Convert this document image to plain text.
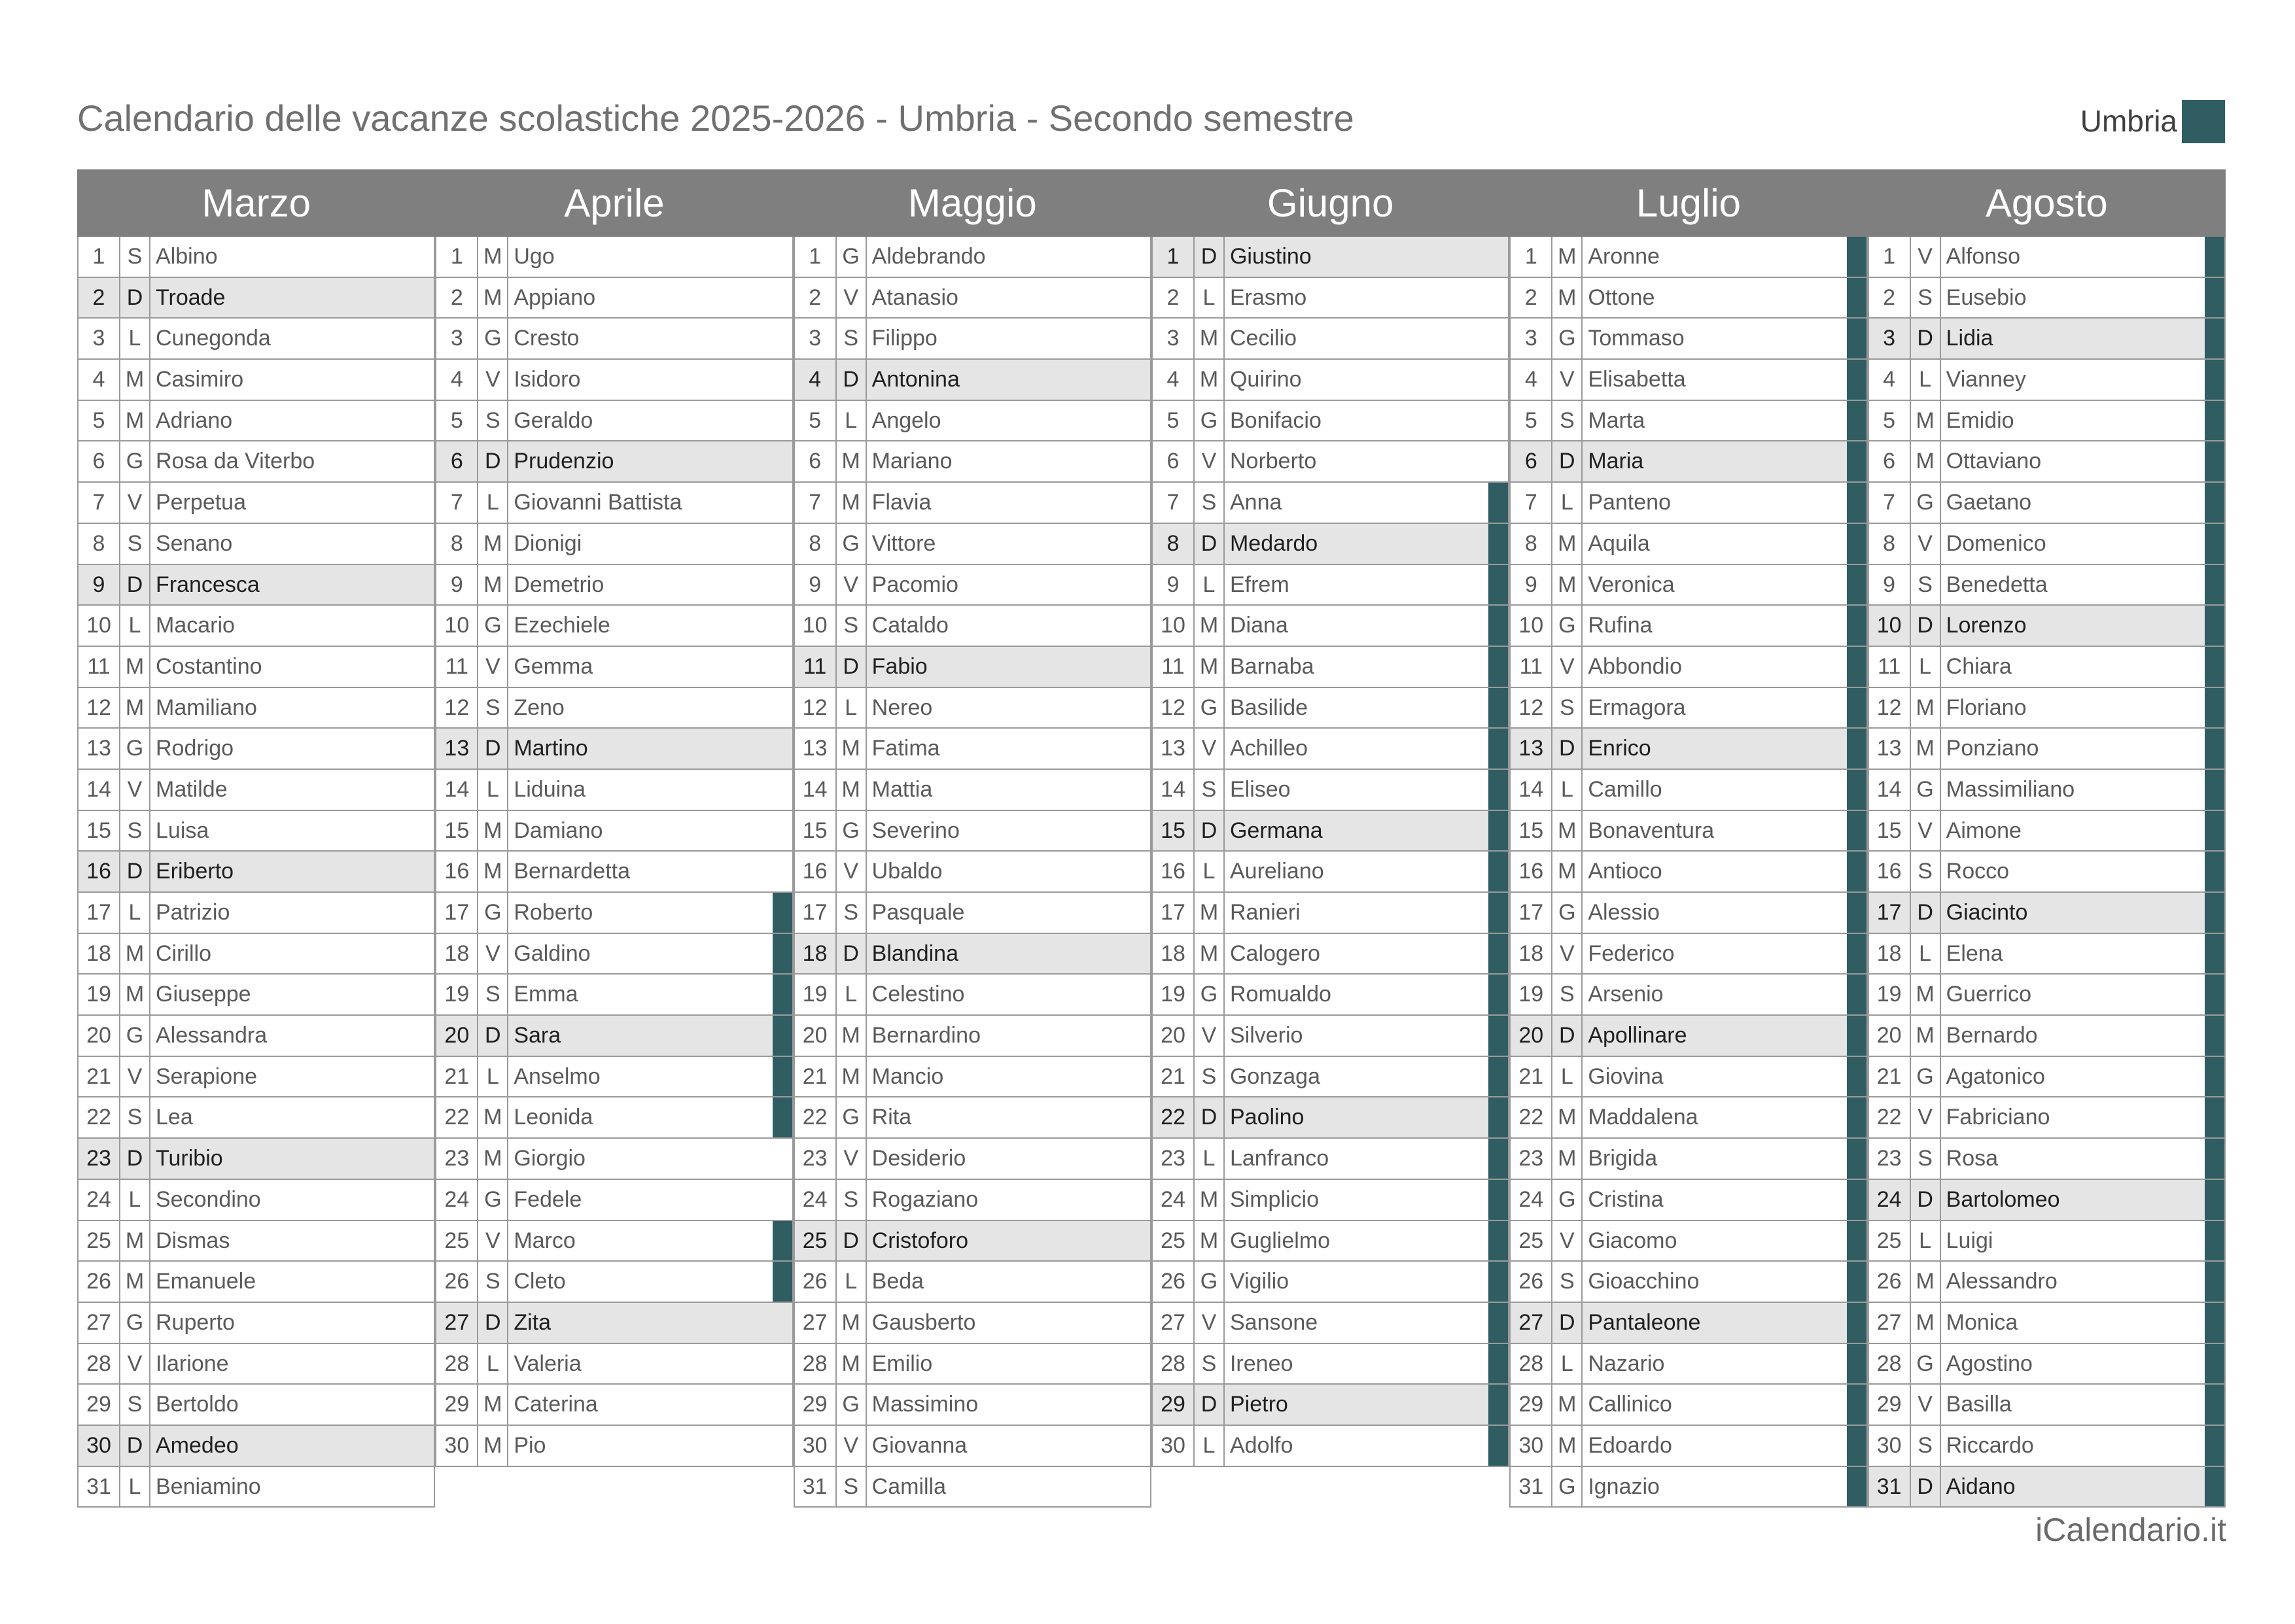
Calendario delle vacanze scolastiche 2025-2026 - Umbria - Secondo semestre	Umbria
Marzo	Aprile	Maggio	Giugno	Luglio	Agosto
1	S Albino
2 D Troade
3	L Cunegonda
4 M Casimiro
5 M Adriano
6 G Rosa da Viterbo
7	V Perpetua
8	S Senano
9 D Francesca
10 L Macario
11 M Costantino
12 M Mamiliano
13 G Rodrigo
14 V Matilde
15 S Luisa
16 D Eriberto
17 L Patrizio
18 M Cirillo
19 M Giuseppe
20 G Alessandra
21 V Serapione
22 S Lea
23 D Turibio
24 L Secondino
25 M Dismas
26 M Emanuele
27 G Ruperto
28 V Ilarione
29 S Bertoldo
30 D Amedeo
31 L Beniamino
1 M Ugo
2 M Appiano
3 G Cresto
4	V Isidoro
5	S Geraldo
6 D Prudenzio
7	L Giovanni Battista
8 M Dionigi
9 M Demetrio
10 G Ezechiele
11 V Gemma
12 S Zeno
13 D Martino
14 L Liduina
15 M Damiano
16 M Bernardetta
17 G Roberto
18 V Galdino
19 S Emma
20 D Sara
21 L Anselmo
22 M Leonida
23 M Giorgio
24 G Fedele
25 V Marco
26 S Cleto
27 D Zita
28 L Valeria
29 M Caterina
30 M Pio
1 G Aldebrando
2	V Atanasio
3	S Filippo
4 D Antonina
5	L Angelo
6 M Mariano
7 M Flavia
8 G Vittore
9	V Pacomio
10 S Cataldo
11 D Fabio
12 L Nereo
13 M Fatima
14 M Mattia
15 G Severino
16 V Ubaldo
17 S Pasquale
18 D Blandina
19 L Celestino
20 M Bernardino
21 M Mancio
22 G Rita
23 V Desiderio
24 S Rogaziano
25 D Cristoforo
26 L Beda
27 M Gausberto
28 M Emilio
29 G Massimino
30 V Giovanna
31 S Camilla
1 D Giustino
2	L Erasmo
3 M Cecilio
4 M Quirino
5 G Bonifacio
6	V Norberto
7	S Anna
8 D Medardo
9	L Efrem
10 M Diana
11 M Barnaba
12 G Basilide
13 V Achilleo
14 S Eliseo
15 D Germana
16 L Aureliano
17 M Ranieri
18 M Calogero
19 G Romualdo
20 V Silverio
21 S Gonzaga
22 D Paolino
23 L Lanfranco
24 M Simplicio
25 M Guglielmo
26 G Vigilio
27 V Sansone
28 S Ireneo
29 D Pietro
30 L Adolfo
1 M Aronne
2 M Ottone
3 G Tommaso
4	V Elisabetta
5	S Marta
6 D Maria
7	L Panteno
8 M Aquila
9 M Veronica
10 G Rufina
11 V Abbondio
12 S Ermagora
13 D Enrico
14 L Camillo
15 M Bonaventura
16 M Antioco
17 G Alessio
18 V Federico
19 S Arsenio
20 D Apollinare
21 L Giovina
22 M Maddalena
23 M Brigida
24 G Cristina
25 V Giacomo
26 S Gioacchino
27 D Pantaleone
28 L Nazario
29 M Callinico
30 M Edoardo
31 G Ignazio
1	V Alfonso
2	S Eusebio
3 D Lidia
4	L Vianney
5 M Emidio
6 M Ottaviano
7 G Gaetano
8	V Domenico
9	S Benedetta
10 D Lorenzo
11 L Chiara
12 M Floriano
13 M Ponziano
14 G Massimiliano
15 V Aimone
16 S Rocco
17 D Giacinto
18 L Elena
19 M Guerrico
20 M Bernardo
21 G Agatonico
22 V Fabriciano
23 S Rosa
24 D Bartolomeo
25 L Luigi
26 M Alessandro
27 M Monica
28 G Agostino
29 V Basilla
30 S Riccardo
31 D Aidano
iCalendario.it
